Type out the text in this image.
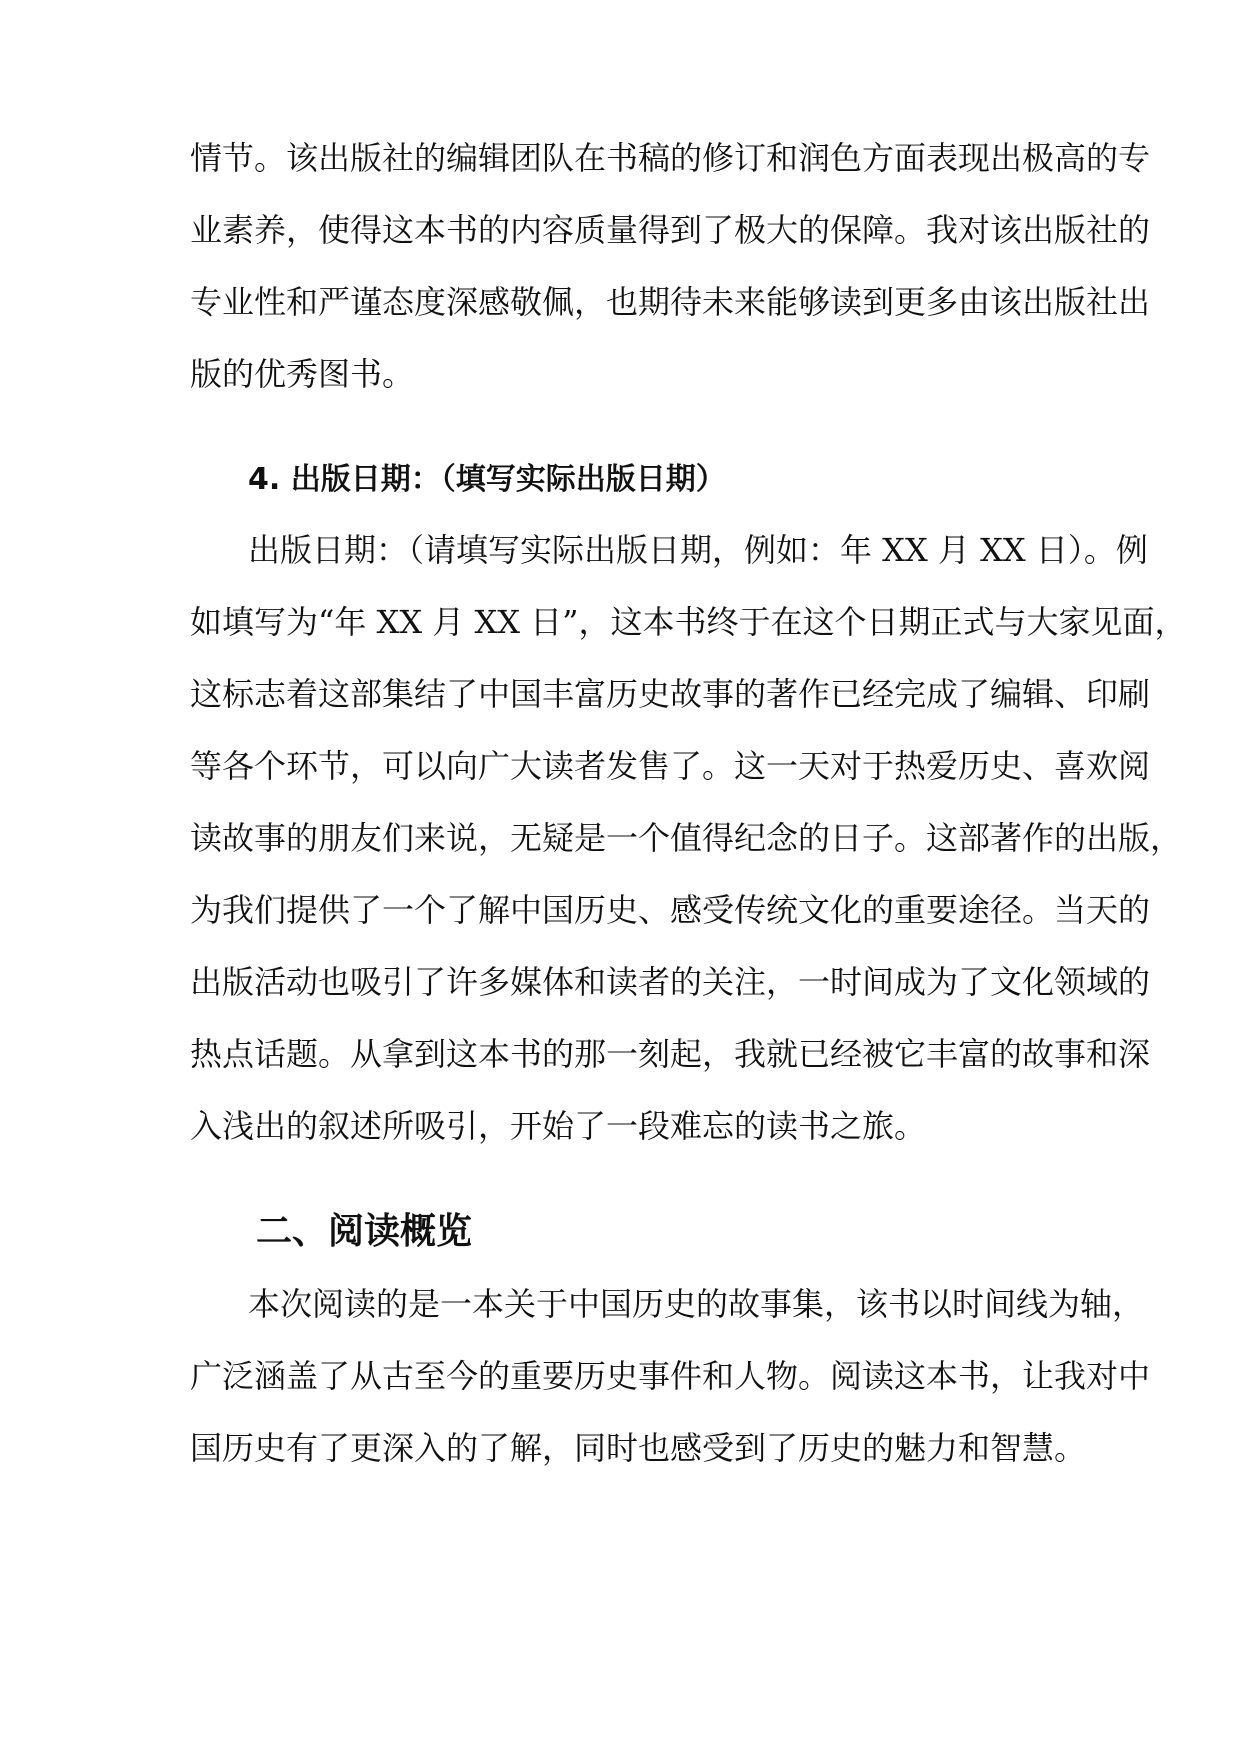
情节。该出版社的编辑团队在书稿的修订和润色方面表现出极高的专
业素养，使得这本书的内容质量得到了极大的保障。我对该出版社的
专业性和严谨态度深感敬佩，也期待未来能够读到更多由该出版社出
版的优秀图书。
4. 出版日期：（填写实际出版日期）
出版日期：（请填写实际出版日期，例如：年 XX 月 XX 日）。例
如填写为“年 XX 月 XX 日”，这本书终于在这个日期正式与大家见面，
这标志着这部集结了中国丰富历史故事的著作已经完成了编辑、印刷
等各个环节，可以向广大读者发售了。这一天对于热爱历史、喜欢阅
读故事的朋友们来说，无疑是一个值得纪念的日子。这部著作的出版，
为我们提供了一个了解中国历史、感受传统文化的重要途径。当天的
出版活动也吸引了许多媒体和读者的关注，一时间成为了文化领域的
热点话题。从拿到这本书的那一刻起，我就已经被它丰富的故事和深
入浅出的叙述所吸引，开始了一段难忘的读书之旅。
二、阅读概览
本次阅读的是一本关于中国历史的故事集，该书以时间线为轴，
广泛涵盖了从古至今的重要历史事件和人物。阅读这本书，让我对中
国历史有了更深入的了解，同时也感受到了历史的魅力和智慧。
